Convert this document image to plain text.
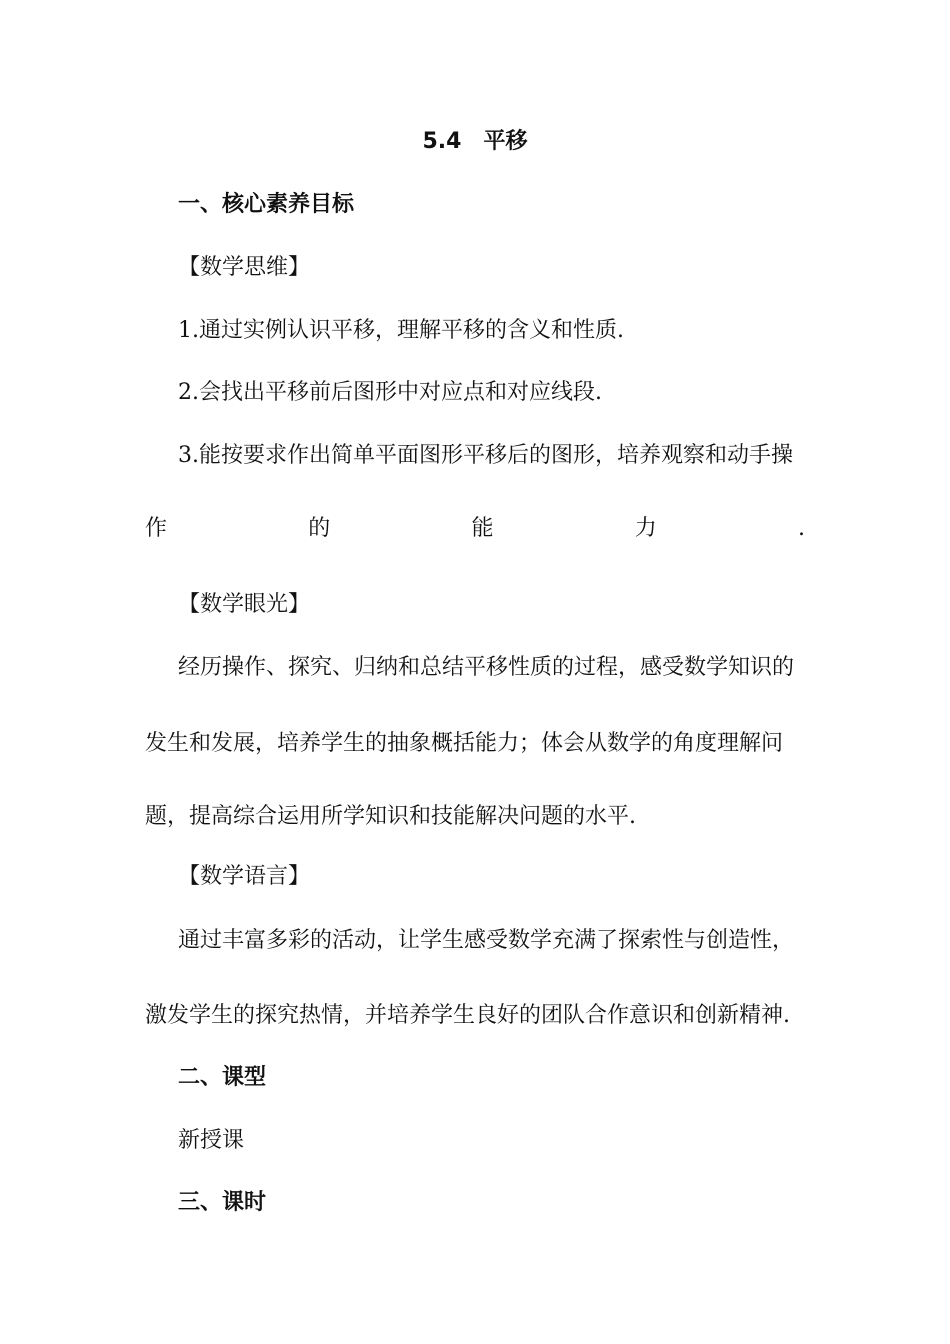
5.4 平移
一、核心素养目标
【数学思维】
1.通过实例认识平移，理解平移的含义和性质.
2.会找出平移前后图形中对应点和对应线段.
3.能按要求作出简单平面图形平移后的图形，培养观察和动手操
作	的	能	力	.
【数学眼光】
经历操作、探究、归纳和总结平移性质的过程，感受数学知识的
发生和发展，培养学生的抽象概括能力；体会从数学的角度理解问
题，提高综合运用所学知识和技能解决问题的水平.
【数学语言】
通过丰富多彩的活动，让学生感受数学充满了探索性与创造性，
激发学生的探究热情，并培养学生良好的团队合作意识和创新精神.
二、课型
新授课
三、课时
